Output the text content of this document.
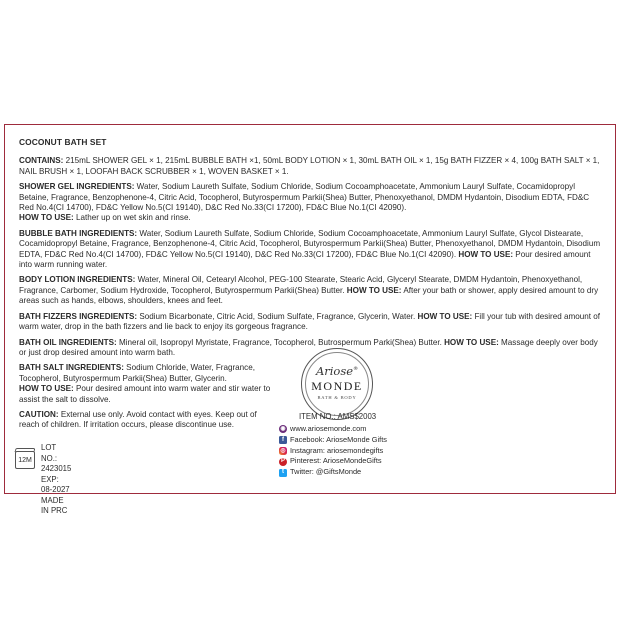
COCONUT BATH SET
CONTAINS: 215mL SHOWER GEL × 1, 215mL BUBBLE BATH ×1, 50mL BODY LOTION × 1, 30mL BATH OIL × 1, 15g BATH FIZZER × 4, 100g BATH SALT × 1, NAIL BRUSH × 1, LOOFAH BACK SCRUBBER × 1, WOVEN BASKET × 1.
SHOWER GEL INGREDIENTS: Water, Sodium Laureth Sulfate, Sodium Chloride, Sodium Cocoamphoacetate, Ammonium Lauryl Sulfate, Cocamidopropyl Betaine, Fragrance, Benzophenone-4, Citric Acid, Tocopherol, Butyrospermum Parkii(Shea) Butter, Phenoxyethanol, DMDM Hydantoin, Disodium EDTA, FD&C Red No.4(CI 14700), FD&C Yellow No.5(CI 19140), D&C Red No.33(CI 17200), FD&C Blue No.1(CI 42090).
HOW TO USE: Lather up on wet skin and rinse.
BUBBLE BATH INGREDIENTS: Water, Sodium Laureth Sulfate, Sodium Chloride, Sodium Cocoamphoacetate, Ammonium Lauryl Sulfate, Glycol Distearate, Cocamidopropyl Betaine, Fragrance, Benzophenone-4, Citric Acid, Tocopherol, Butyrospermum Parkii(Shea) Butter, Phenoxyethanol, DMDM Hydantoin, Disodium EDTA, FD&C Red No.4(CI 14700), FD&C Yellow No.5(CI 19140), D&C Red No.33(CI 17200), FD&C Blue No.1(CI 42090). HOW TO USE: Pour desired amount into warm running water.
BODY LOTION INGREDIENTS: Water, Mineral Oil, Cetearyl Alcohol, PEG-100 Stearate, Stearic Acid, Glyceryl Stearate, DMDM Hydantoin, Phenoxyethanol, Fragrance, Carbomer, Sodium Hydroxide, Tocopherol, Butyrospermum Parkii(Shea) Butter. HOW TO USE: After your bath or shower, apply desired amount to dry areas such as hands, elbows, shoulders, knees and feet.
BATH FIZZERS INGREDIENTS: Sodium Bicarbonate, Citric Acid, Sodium Sulfate, Fragrance, Glycerin, Water. HOW TO USE: Fill your tub with desired amount of warm water, drop in the bath fizzers and lie back to enjoy its gorgeous fragrance.
BATH OIL INGREDIENTS: Mineral oil, Isopropyl Myristate, Fragrance, Tocopherol, Butrospermum Parki(Shea) Butter. HOW TO USE: Massage deeply over body or just drop desired amount into warm bath.
BATH SALT INGREDIENTS: Sodium Chloride, Water, Fragrance, Tocopherol, Butyrospermum Parkii(Shea) Butter, Glycerin.
HOW TO USE: Pour desired amount into warm water and stir water to assist the salt to dissolve.
CAUTION: External use only. Avoid contact with eyes. Keep out of reach of children. If irritation occurs, please discontinue use.
Ariose®
MONDE
BATH & BODY
ITEM NO.: AMS$2003
◉ www.ariosemonde.com
f Facebook: ArioseMonde Gifts
◎ Instagram: ariosemondegifts
P Pinterest: ArioseMondeGifts
t Twitter: @GiftsMonde
12M
LOT NO.: 2423015
EXP: 08-2027
MADE IN PRC
